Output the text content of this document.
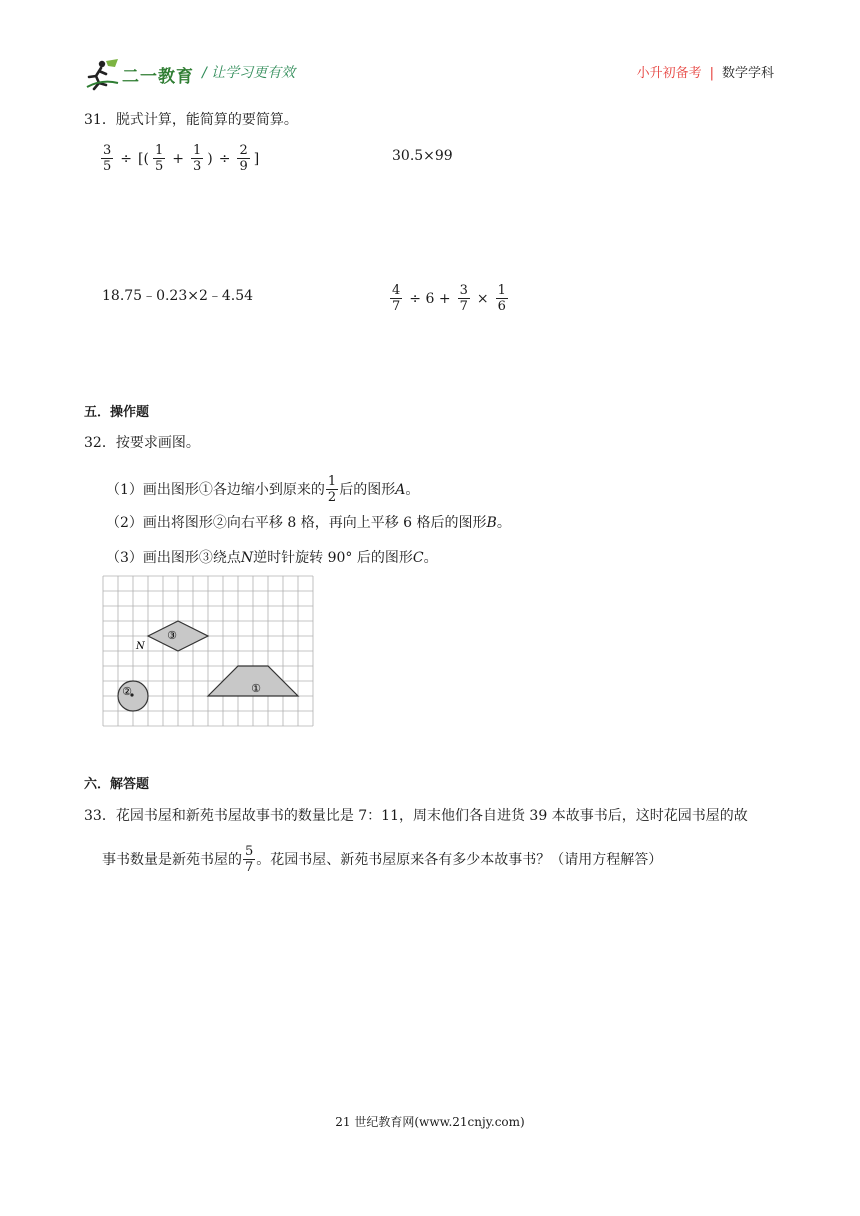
二一教育 / 让学习更有效	小升初备考 | 数学学科
31．脱式计算，能简算的要简算。
$\frac{3}{5}$ ÷ [( $\frac{1}{5} + \frac{1}{3}$ ) ÷ $\frac{2}{9}$ ]	30.5×99
18.75﹣0.23×2﹣4.54	$\frac{4}{7} \div 6 + \frac{3}{7} \times \frac{1}{6}$
五．操作题
32．按要求画图。
（1）画出图形①各边缩小到原来的 $\frac{1}{2}$ 后的图形 A 。
（2）画出将图形②向右平移 8 格，再向上平移 6 格后的图形B。
（3）画出图形③绕点N逆时针旋转 90° 后的图形C。
①
②
③
N
六．解答题
33．花园书屋和新苑书屋故事书的数量比是 7：11，周末他们各自进货 39 本故事书后，这时花园书屋的故
事书数量是新苑书屋的 $\frac{5}{7}$ 。花园书屋、新苑书屋原来各有多少本故事书？（请用方程解答）
21 世纪教育网(www.21cnjy.com)
